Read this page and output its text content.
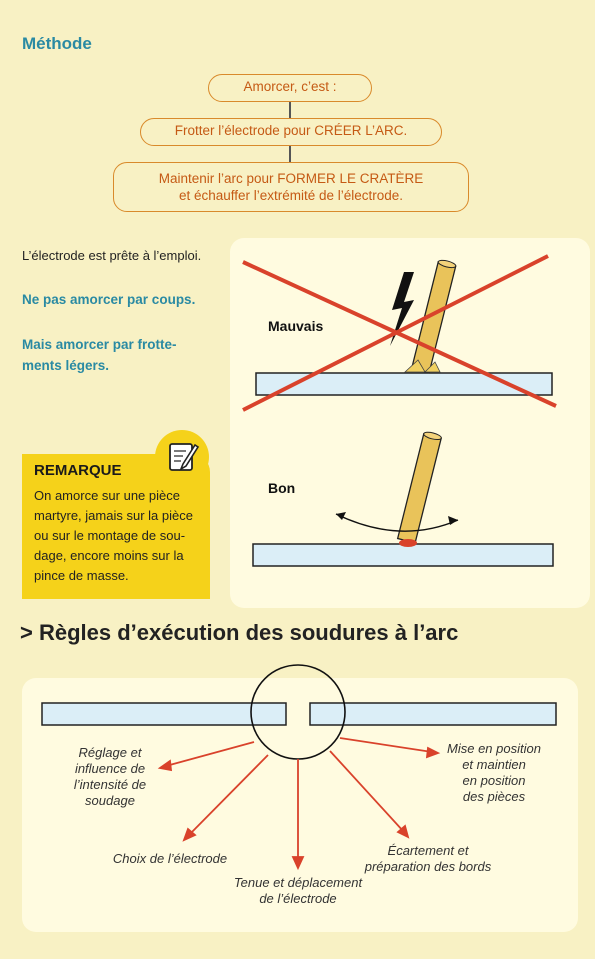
Méthode
Amorcer, c’est :
Frotter l’électrode pour CRÉER L’ARC.
Maintenir l’arc pour FORMER LE CRATÈRE
et échauffer l’extrémité de l’électrode.
L’électrode est prête à l’emploi.
Ne pas amorcer par coups.
Mais amorcer par frotte-
ments légers.
Mauvais
Bon
REMARQUE
On amorce sur une pièce
martyre, jamais sur la pièce
ou sur le montage de sou-
dage, encore moins sur la
pince de masse.
> Règles d’exécution des soudures à l’arc
Réglage et
influence de
l’intensité de
soudage
Choix de l’électrode
Tenue et déplacement
de l’électrode
Écartement et
préparation des bords
Mise en position
et maintien
en position
des pièces
